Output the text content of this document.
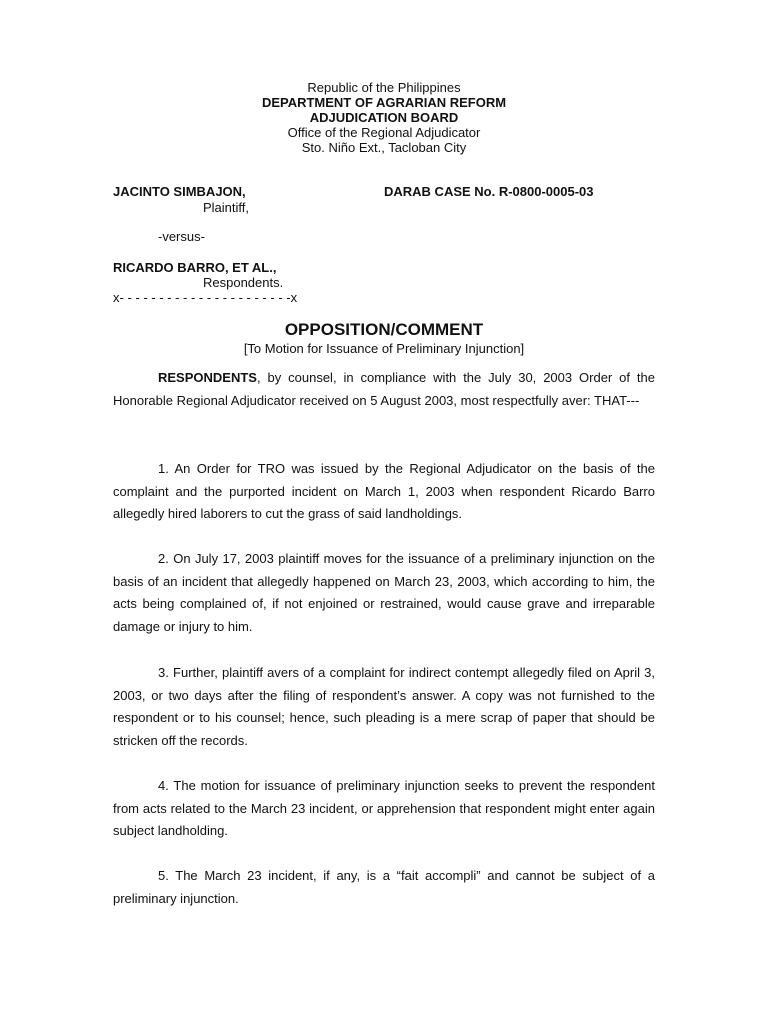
Republic of the Philippines
DEPARTMENT OF AGRARIAN REFORM
ADJUDICATION BOARD
Office of the Regional Adjudicator
Sto. Niño Ext., Tacloban City
JACINTO SIMBAJON,	DARAB CASE No. R-0800-0005-03
Plaintiff,
-versus-
RICARDO BARRO, ET AL.,
Respondents.
x- - - - - - - - - - - - - - - - - - - - - -x
OPPOSITION/COMMENT
[To Motion for Issuance of Preliminary Injunction]
RESPONDENTS, by counsel, in compliance with the July 30, 2003 Order of the Honorable Regional Adjudicator received on 5 August 2003, most respectfully aver: THAT---
1. An Order for TRO was issued by the Regional Adjudicator on the basis of the complaint and the purported incident on March 1, 2003 when respondent Ricardo Barro allegedly hired laborers to cut the grass of said landholdings.
2. On July 17, 2003 plaintiff moves for the issuance of a preliminary injunction on the basis of an incident that allegedly happened on March 23, 2003, which according to him, the acts being complained of, if not enjoined or restrained, would cause grave and irreparable damage or injury to him.
3. Further, plaintiff avers of a complaint for indirect contempt allegedly filed on April 3, 2003, or two days after the filing of respondent’s answer. A copy was not furnished to the respondent or to his counsel; hence, such pleading is a mere scrap of paper that should be stricken off the records.
4. The motion for issuance of preliminary injunction seeks to prevent the respondent from acts related to the March 23 incident, or apprehension that respondent might enter again subject landholding.
5. The March 23 incident, if any, is a “fait accompli” and cannot be subject of a preliminary injunction.
